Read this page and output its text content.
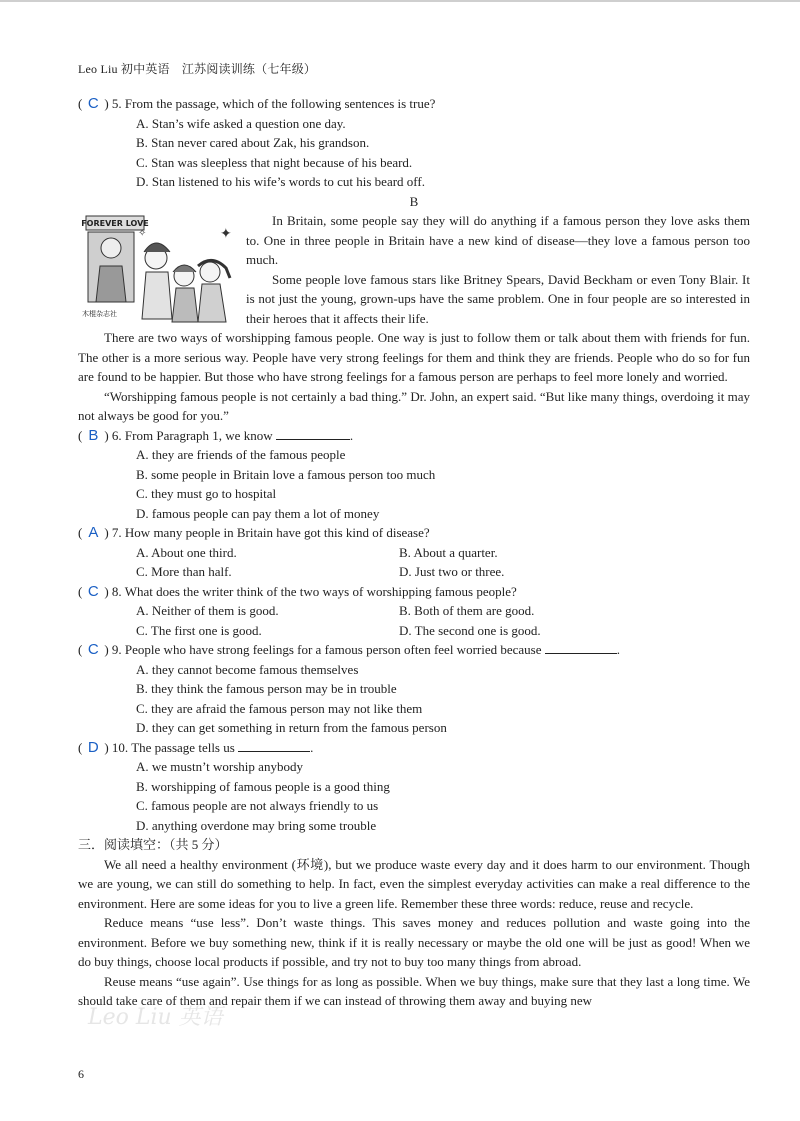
Leo Liu 初中英语　江苏阅读训练（七年级）
( C ) 5. From the passage, which of the following sentences is true?
A. Stan’s wife asked a question one day.
B. Stan never cared about Zak, his grandson.
C. Stan was sleepless that night because of his beard.
D. Stan listened to his wife’s words to cut his beard off.
B
FOREVER LOVE
✦
✧
木棍杂志社
In Britain, some people say they will do anything if a famous person they love asks them to. One in three people in Britain have a new kind of disease—they love a famous person too much.
Some people love famous stars like Britney Spears, David Beckham or even Tony Blair. It is not just the young, grown-ups have the same problem. One in four people are so interested in their heroes that it affects their life.
There are two ways of worshipping famous people. One way is just to follow them or talk about them with friends for fun. The other is a more serious way. People have very strong feelings for them and think they are friends. People who do so for fun are found to be happier. But those who have strong feelings for a famous person are perhaps to feel more lonely and worried.
“Worshipping famous people is not certainly a bad thing.” Dr. John, an expert said. “But like many things, overdoing it may not always be good for you.”
( B ) 6. From Paragraph 1, we know	.
A. they are friends of the famous people
B. some people in Britain love a famous person too much
C. they must go to hospital
D. famous people can pay them a lot of money
( A ) 7. How many people in Britain have got this kind of disease?
A. About one third.	B. About a quarter.
C. More than half.	D. Just two or three.
( C ) 8. What does the writer think of the two ways of worshipping famous people?
A. Neither of them is good.	B. Both of them are good.
C. The first one is good.	D. The second one is good.
( C ) 9. People who have strong feelings for a famous person often feel worried because	.
A. they cannot become famous themselves
B. they think the famous person may be in trouble
C. they are afraid the famous person may not like them
D. they can get something in return from the famous person
( D ) 10. The passage tells us	.
A. we mustn’t worship anybody
B. worshipping of famous people is a good thing
C. famous people are not always friendly to us
D. anything overdone may bring some trouble
三．阅读填空：（共 5 分）
We all need a healthy environment (环境), but we produce waste every day and it does harm to our environment. Though we are young, we can still do something to help. In fact, even the simplest everyday activities can make a real difference to the environment. Here are some ideas for you to live a green life. Remember these three words: reduce, reuse and recycle.
Reduce means “use less”. Don’t waste things. This saves money and reduces pollution and waste going into the environment. Before we buy something new, think if it is really necessary or maybe the old one will be just as good! When we do buy things, choose local products if possible, and try not to buy too many things from abroad.
Reuse means “use again”. Use things for as long as possible. When we buy things, make sure that they last a long time. We should take care of them and repair them if we can instead of throwing them away and buying new
Leo Liu 英语
6
